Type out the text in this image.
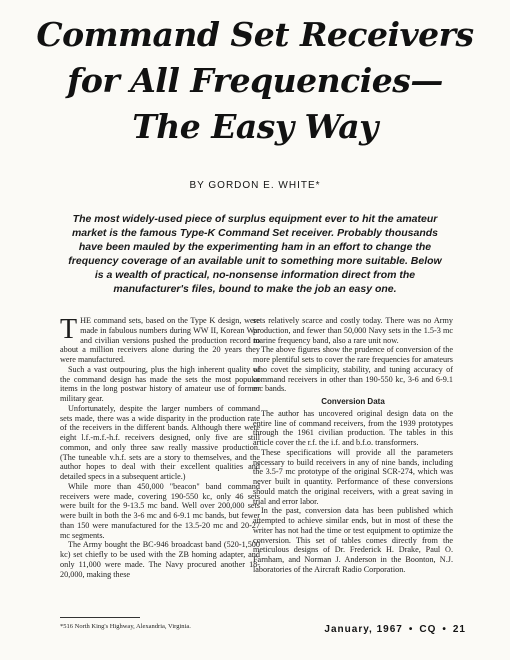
Command Set Receivers
for All Frequencies—
The Easy Way
BY GORDON E. WHITE*
The most widely-used piece of surplus equipment ever to hit the amateur market is the famous Type-K Command Set receiver. Probably thousands have been mauled by the experimenting ham in an effort to change the frequency coverage of an available unit to something more suitable. Below is a wealth of practical, no-nonsense information direct from the manufacturer's files, bound to make the job an easy one.

THE command sets, based on the Type K design, were made in fabulous numbers during WW II, Korean War and civilian versions pushed the production record to about a million receivers alone during the 20 years they were manufactured.

Such a vast outpouring, plus the high inherent quality of the command design has made the sets the most popular items in the long postwar history of amateur use of former military gear.

Unfortunately, despite the larger numbers of command sets made, there was a wide disparity in the production rate of the receivers in the different bands. Although there were eight l.f.-m.f.-h.f. receivers designed, only five are still common, and only three saw really massive production. (The tuneable v.h.f. sets are a story to themselves, and the author hopes to deal with their excellent qualities and detailed specs in a subsequent article.)

While more than 450,000 "beacon" band command receivers were made, covering 190-550 kc, only 46 sets were built for the 9-13.5 mc band. Well over 200,000 sets were built in both the 3-6 mc and 6-9.1 mc bands, but fewer than 150 were manufactured for the 13.5-20 mc and 20-27 mc segments.

The Army bought the BC-946 broadcast band (520-1,500 kc) set chiefly to be used with the ZB homing adapter, and only 11,000 were made. The Navy procured another 18-20,000, making these

sets relatively scarce and costly today. There was no Army production, and fewer than 50,000 Navy sets in the 1.5-3 mc marine frequency band, also a rare unit now.

The above figures show the prudence of conversion of the more plentiful sets to cover the rare frequencies for amateurs who covet the simplicity, stability, and tuning accuracy of command receivers in other than 190-550 kc, 3-6 and 6-9.1 mc bands.

Conversion Data

The author has uncovered original design data on the entire line of command receivers, from the 1939 prototypes through the 1961 civilian production. The tables in this article cover the r.f. the i.f. and b.f.o. transformers.

These specifications will provide all the parameters necessary to build receivers in any of nine bands, including the 3.5-7 mc prototype of the original SCR-274, which was never built in quantity. Performance of these conversions should match the original receivers, with a great saving in trial and error labor.

In the past, conversion data has been published which attempted to achieve similar ends, but in most of these the writer has not had the time or test equipment to optimize the conversion. This set of tables comes directly from the meticulous designs of Dr. Frederick H. Drake, Paul O. Farnham, and Norman J. Anderson in the Boonton, N.J. laboratories of the Aircraft Radio Corporation.

*516 North King's Highway, Alexandria, Virginia.	January, 1967 • CQ • 21
